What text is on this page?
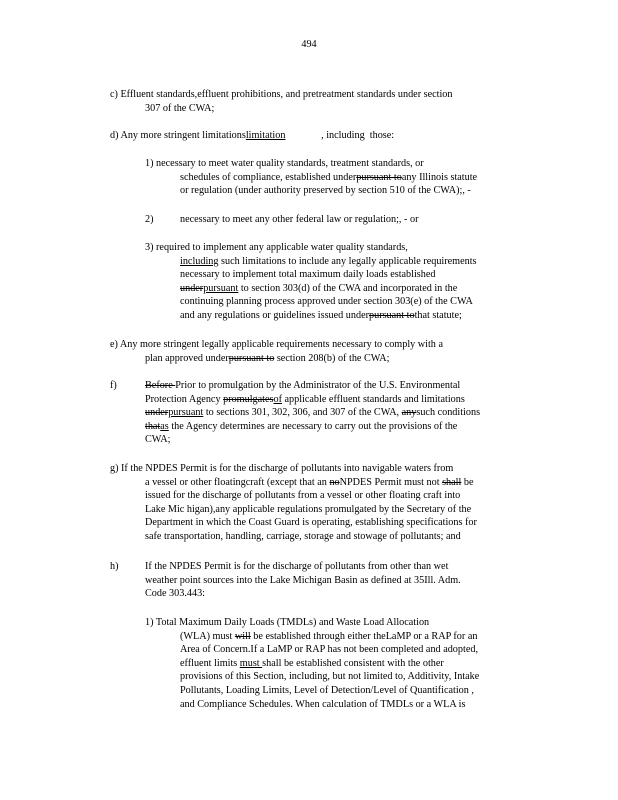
494
c) Effluent standards,effluent prohibitions, and pretreatment standards under section
307 of the CWA;
d) Any more stringent limitationslimitation              , including  those:
1) necessary to meet water quality standards, treatment standards, or
schedules of compliance, established underpursuant toany Illinois statute
or regulation (under authority preserved by section 510 of the CWA);, -
2)	necessary to meet any other federal law or regulation;, - or
3) required to implement any applicable water quality standards,
including such limitations to include any legally applicable requirements
necessary to implement total maximum daily loads established
underpursuant to section 303(d) of the CWA and incorporated in the
continuing planning process approved under section 303(e) of the CWA
and any regulations or guidelines issued underpursuant tothat statute;
e) Any more stringent legally applicable requirements necessary to comply with a
plan approved underpursuant to section 208(b) of the CWA;
f)	Before Prior to promulgation by the Administrator of the U.S. Environmental
Protection Agency promulgatesof applicable effluent standards and limitations
underpursuant to sections 301, 302, 306, and 307 of the CWA, anysuch conditions
thatas the Agency determines are necessary to carry out the provisions of the
CWA;
g) If the NPDES Permit is for the discharge of pollutants into navigable waters from
a vessel or other floatingcraft (except that an noNPDES Permit must not shall be
issued for the discharge of pollutants from a vessel or other floating craft into
Lake Mic higan),any applicable regulations promulgated by the Secretary of the
Department in which the Coast Guard is operating, establishing specifications for
safe transportation, handling, carriage, storage and stowage of pollutants; and
h)	If the NPDES Permit is for the discharge of pollutants from other than wet
weather point sources into the Lake Michigan Basin as defined at 35Ill. Adm.
Code 303.443:
1) Total Maximum Daily Loads (TMDLs) and Waste Load Allocation
(WLA) must will be established through either theLaMP or a RAP for an
Area of Concern.If a LaMP or RAP has not been completed and adopted,
effluent limits must shall be established consistent with the other
provisions of this Section, including, but not limited to, Additivity, Intake
Pollutants, Loading Limits, Level of Detection/Level of Quantification ,
and Compliance Schedules. When calculation of TMDLs or a WLA is
